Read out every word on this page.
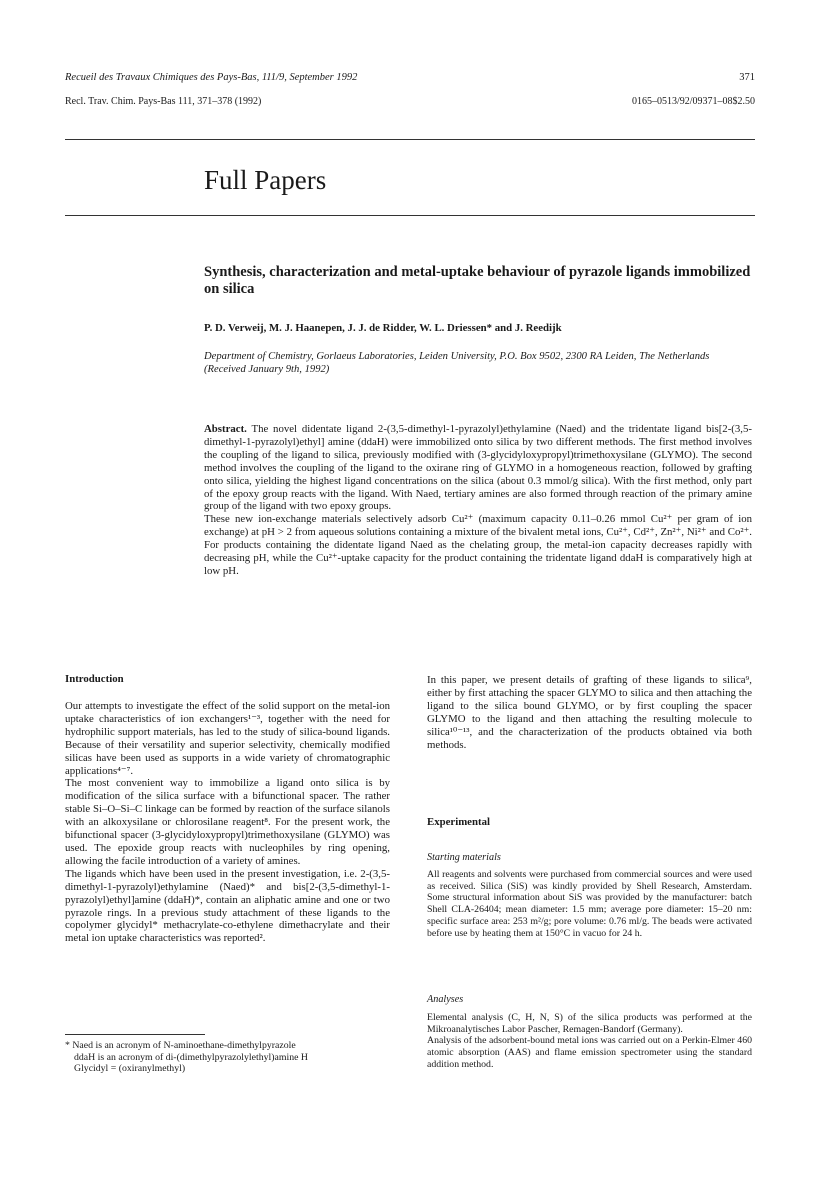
Recueil des Travaux Chimiques des Pays-Bas, 111/9, September 1992	371
Recl. Trav. Chim. Pays-Bas 111, 371–378 (1992)	0165–0513/92/09371–08$2.50
Full Papers
Synthesis, characterization and metal-uptake behaviour of pyrazole ligands immobilized on silica
P. D. Verweij, M. J. Haanepen, J. J. de Ridder, W. L. Driessen* and J. Reedijk
Department of Chemistry, Gorlaeus Laboratories, Leiden University, P.O. Box 9502, 2300 RA Leiden, The Netherlands
(Received January 9th, 1992)
Abstract. The novel didentate ligand 2-(3,5-dimethyl-1-pyrazolyl)ethylamine (Naed) and the tridentate ligand bis[2-(3,5-dimethyl-1-pyrazolyl)ethyl] amine (ddaH) were immobilized onto silica by two different methods. The first method involves the coupling of the ligand to silica, previously modified with (3-glycidyloxypropyl)trimethoxysilane (GLYMO). The second method involves the coupling of the ligand to the oxirane ring of GLYMO in a homogeneous reaction, followed by grafting onto silica, yielding the highest ligand concentrations on the silica (about 0.3 mmol/g silica). With the first method, only part of the epoxy group reacts with the ligand. With Naed, tertiary amines are also formed through reaction of the primary amine group of the ligand with two epoxy groups.
These new ion-exchange materials selectively adsorb Cu²⁺ (maximum capacity 0.11–0.26 mmol Cu²⁺ per gram of ion exchange) at pH > 2 from aqueous solutions containing a mixture of the bivalent metal ions, Cu²⁺, Cd²⁺, Zn²⁺, Ni²⁺ and Co²⁺. For products containing the didentate ligand Naed as the chelating group, the metal-ion capacity decreases rapidly with decreasing pH, while the Cu²⁺-uptake capacity for the product containing the tridentate ligand ddaH is comparatively high at low pH.
Introduction

Our attempts to investigate the effect of the solid support on the metal-ion uptake characteristics of ion exchangers¹⁻³, together with the need for hydrophilic support materials, has led to the study of silica-bound ligands. Because of their versatility and superior selectivity, chemically modified silicas have been used as supports in a wide variety of chromatographic applications⁴⁻⁷.

The most convenient way to immobilize a ligand onto silica is by modification of the silica surface with a bifunctional spacer. The rather stable Si–O–Si–C linkage can be formed by reaction of the surface silanols with an alkoxysilane or chlorosilane reagent⁸. For the present work, the bifunctional spacer (3-glycidyloxypropyl)trimethoxysilane (GLYMO) was used. The epoxide group reacts with nucleophiles by ring opening, allowing the facile introduction of a variety of amines.

The ligands which have been used in the present investigation, i.e. 2-(3,5-dimethyl-1-pyrazolyl)ethylamine (Naed)* and bis[2-(3,5-dimethyl-1-pyrazolyl)ethyl]amine (ddaH)*, contain an aliphatic amine and one or two pyrazole rings. In a previous study attachment of these ligands to the copolymer glycidyl* methacrylate-co-ethylene dimethacrylate and their metal ion uptake characteristics was reported².

* Naed is an acronym of N-aminoethane-dimethylpyrazole
ddaH is an acronym of di-(dimethylpyrazolylethyl)amine H
Glycidyl = (oxiranylmethyl)

In this paper, we present details of grafting of these ligands to silica⁹, either by first attaching the spacer GLYMO to silica and then attaching the ligand to the silica bound GLYMO, or by first coupling the spacer GLYMO to the ligand and then attaching the resulting molecule to silica¹⁰⁻¹³, and the characterization of the products obtained via both methods.

Experimental
Starting materials
All reagents and solvents were purchased from commercial sources and were used as received. Silica (SiS) was kindly provided by Shell Research, Amsterdam. Some structural information about SiS was provided by the manufacturer: batch Shell CLA-26404; mean diameter: 1.5 mm; average pore diameter: 15–20 nm: specific surface area: 253 m²/g; pore volume: 0.76 ml/g. The beads were activated before use by heating them at 150°C in vacuo for 24 h.
Analyses
Elemental analysis (C, H, N, S) of the silica products was performed at the Mikroanalytisches Labor Pascher, Remagen-Bandorf (Germany).
Analysis of the adsorbent-bound metal ions was carried out on a Perkin-Elmer 460 atomic absorption (AAS) and flame emission spectrometer using the standard addition method.
